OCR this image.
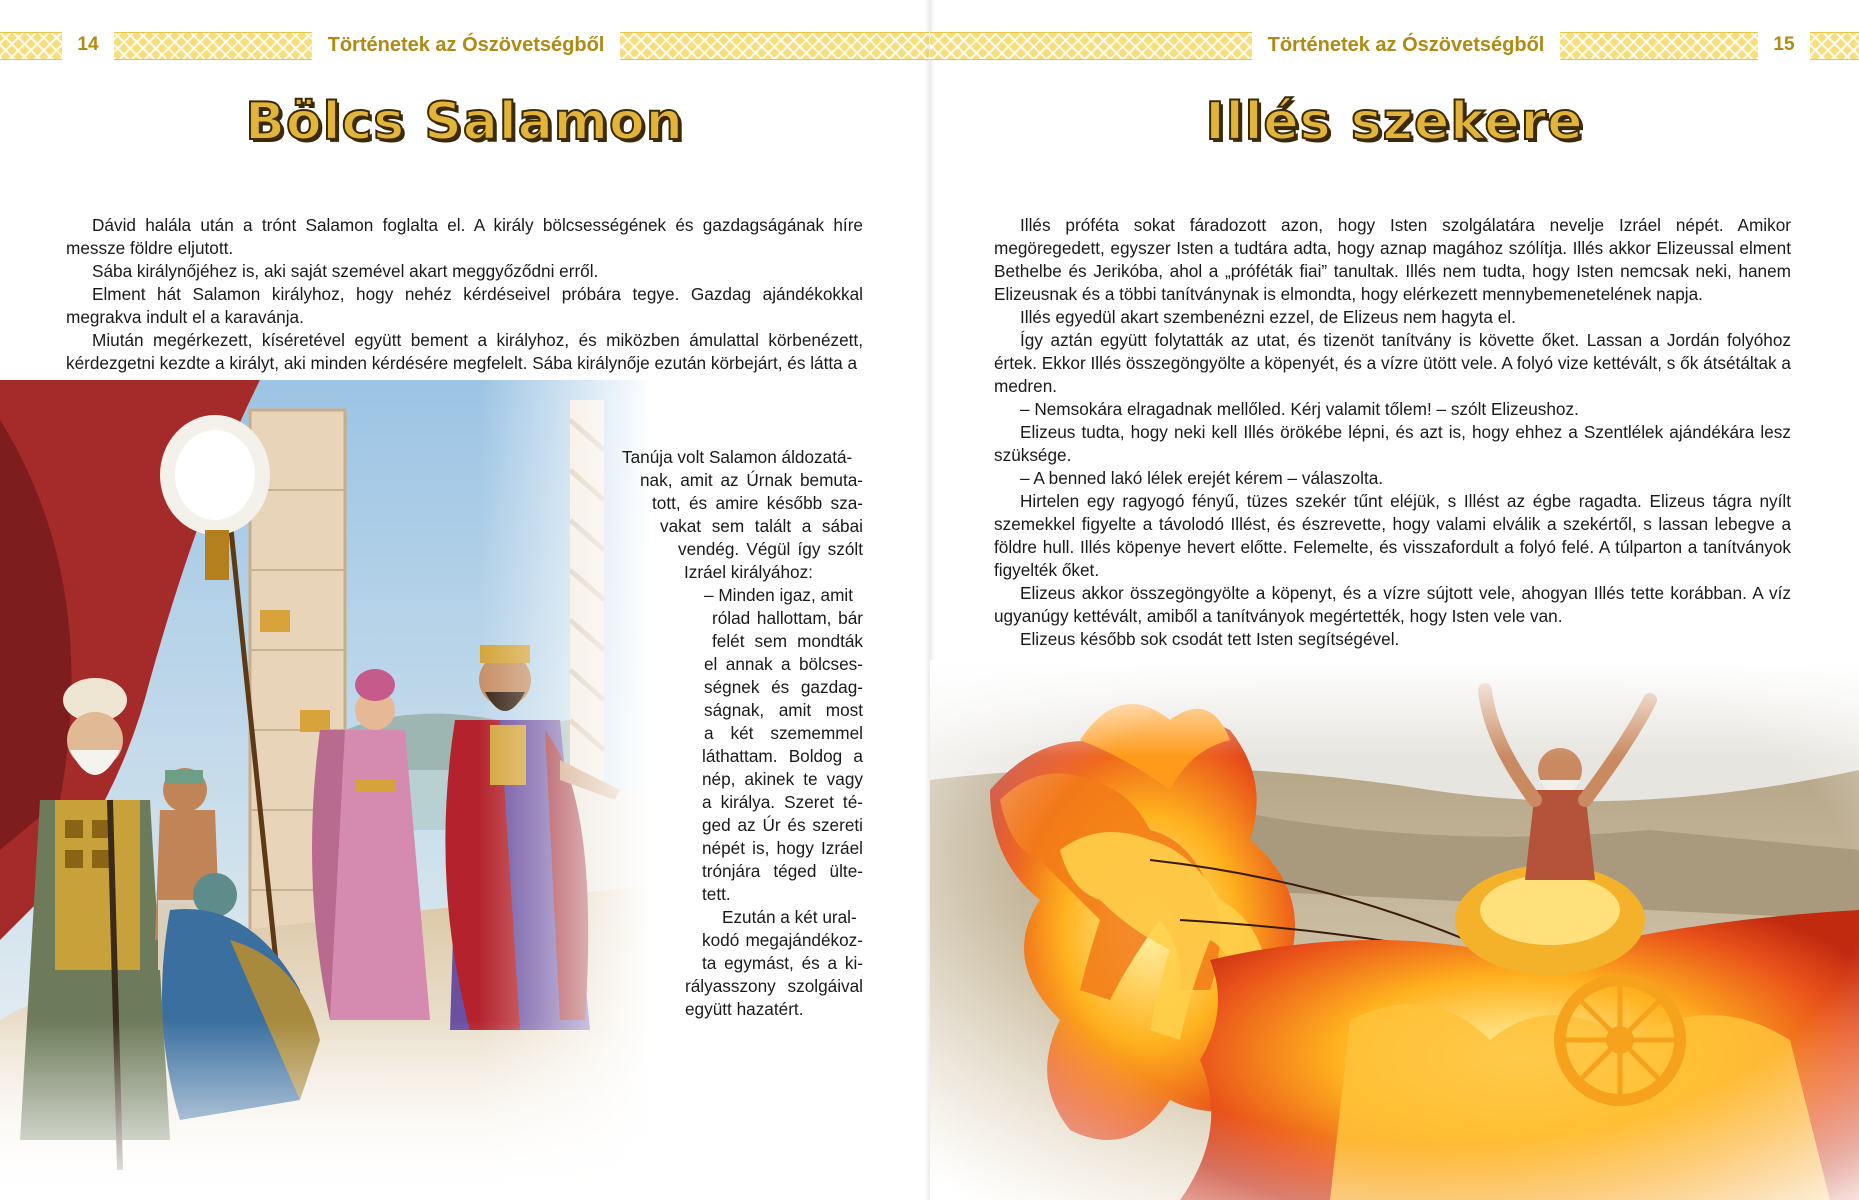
14	Történetek az Ószövetségből
Bölcs Salamon

Dávid halála után a trónt Salamon foglalta el. A király bölcsességének és gazdagságának híre messze földre eljutott.

Sába királynőjéhez is, aki saját szemével akart meggyőződni erről.

Elment hát Salamon királyhoz, hogy nehéz kérdéseivel próbára tegye. Gazdag ajándékokkal megrakva indult el a karavánja.

Miután megérkezett, kíséretével együtt bement a királyhoz, és miközben ámulattal körbenézett, kérdezgetni kezdte a királyt, aki minden kérdésére megfelelt. Sába királynője ezután körbejárt, és látta a

Tanúja volt Salamon áldozatá-
nak, amit az Úrnak bemuta-
tott, és amire később sza-
vakat sem talált a sábai
vendég. Végül így szólt
Izráel királyához:
– Minden igaz, amit
rólad hallottam, bár
felét sem mondták
el annak a bölcses-
ségnek és gazdag-
ságnak, amit most
a két szememmel
láthattam. Boldog a
nép, akinek te vagy
a királya. Szeret té-
ged az Úr és szereti
népét is, hogy Izráel
trónjára téged ülte-
tett.
Ezután a két ural-
kodó megajándékoz-
ta egymást, és a ki-
rályasszony szolgáival
együtt hazatért.
Történetek az Ószövetségből	15
Illés szekere

Illés próféta sokat fáradozott azon, hogy Isten szolgálatára nevelje Izráel népét. Amikor megöregedett, egyszer Isten a tudtára adta, hogy aznap magához szólítja. Illés akkor Elizeussal elment Bethelbe és Jerikóba, ahol a „próféták fiai” tanultak. Illés nem tudta, hogy Isten nemcsak neki, hanem Elizeusnak és a többi tanítványnak is elmondta, hogy elérkezett mennybemenetelének napja.

Illés egyedül akart szembenézni ezzel, de Elizeus nem hagyta el.

Így aztán együtt folytatták az utat, és tizenöt tanítvány is követte őket. Lassan a Jordán folyóhoz értek. Ekkor Illés összegöngyölte a köpenyét, és a vízre ütött vele. A folyó vize kettévált, s ők átsétáltak a medren.

– Nemsokára elragadnak mellőled. Kérj valamit tőlem! – szólt Elizeushoz.

Elizeus tudta, hogy neki kell Illés örökébe lépni, és azt is, hogy ehhez a Szentlélek ajándékára lesz szüksége.

– A benned lakó lélek erejét kérem – válaszolta.

Hirtelen egy ragyogó fényű, tüzes szekér tűnt eléjük, s Illést az égbe ragadta. Elizeus tágra nyílt szemekkel figyelte a távolodó Illést, és észrevette, hogy valami elválik a szekértől, s lassan lebegve a földre hull. Illés köpenye hevert előtte. Felemelte, és visszafordult a folyó felé. A túlparton a tanítványok figyelték őket.

Elizeus akkor összegöngyölte a köpenyt, és a vízre sújtott vele, ahogyan Illés tette korábban. A víz ugyanúgy kettévált, amiből a tanítványok megértették, hogy Isten vele van.

Elizeus később sok csodát tett Isten segítségével.
